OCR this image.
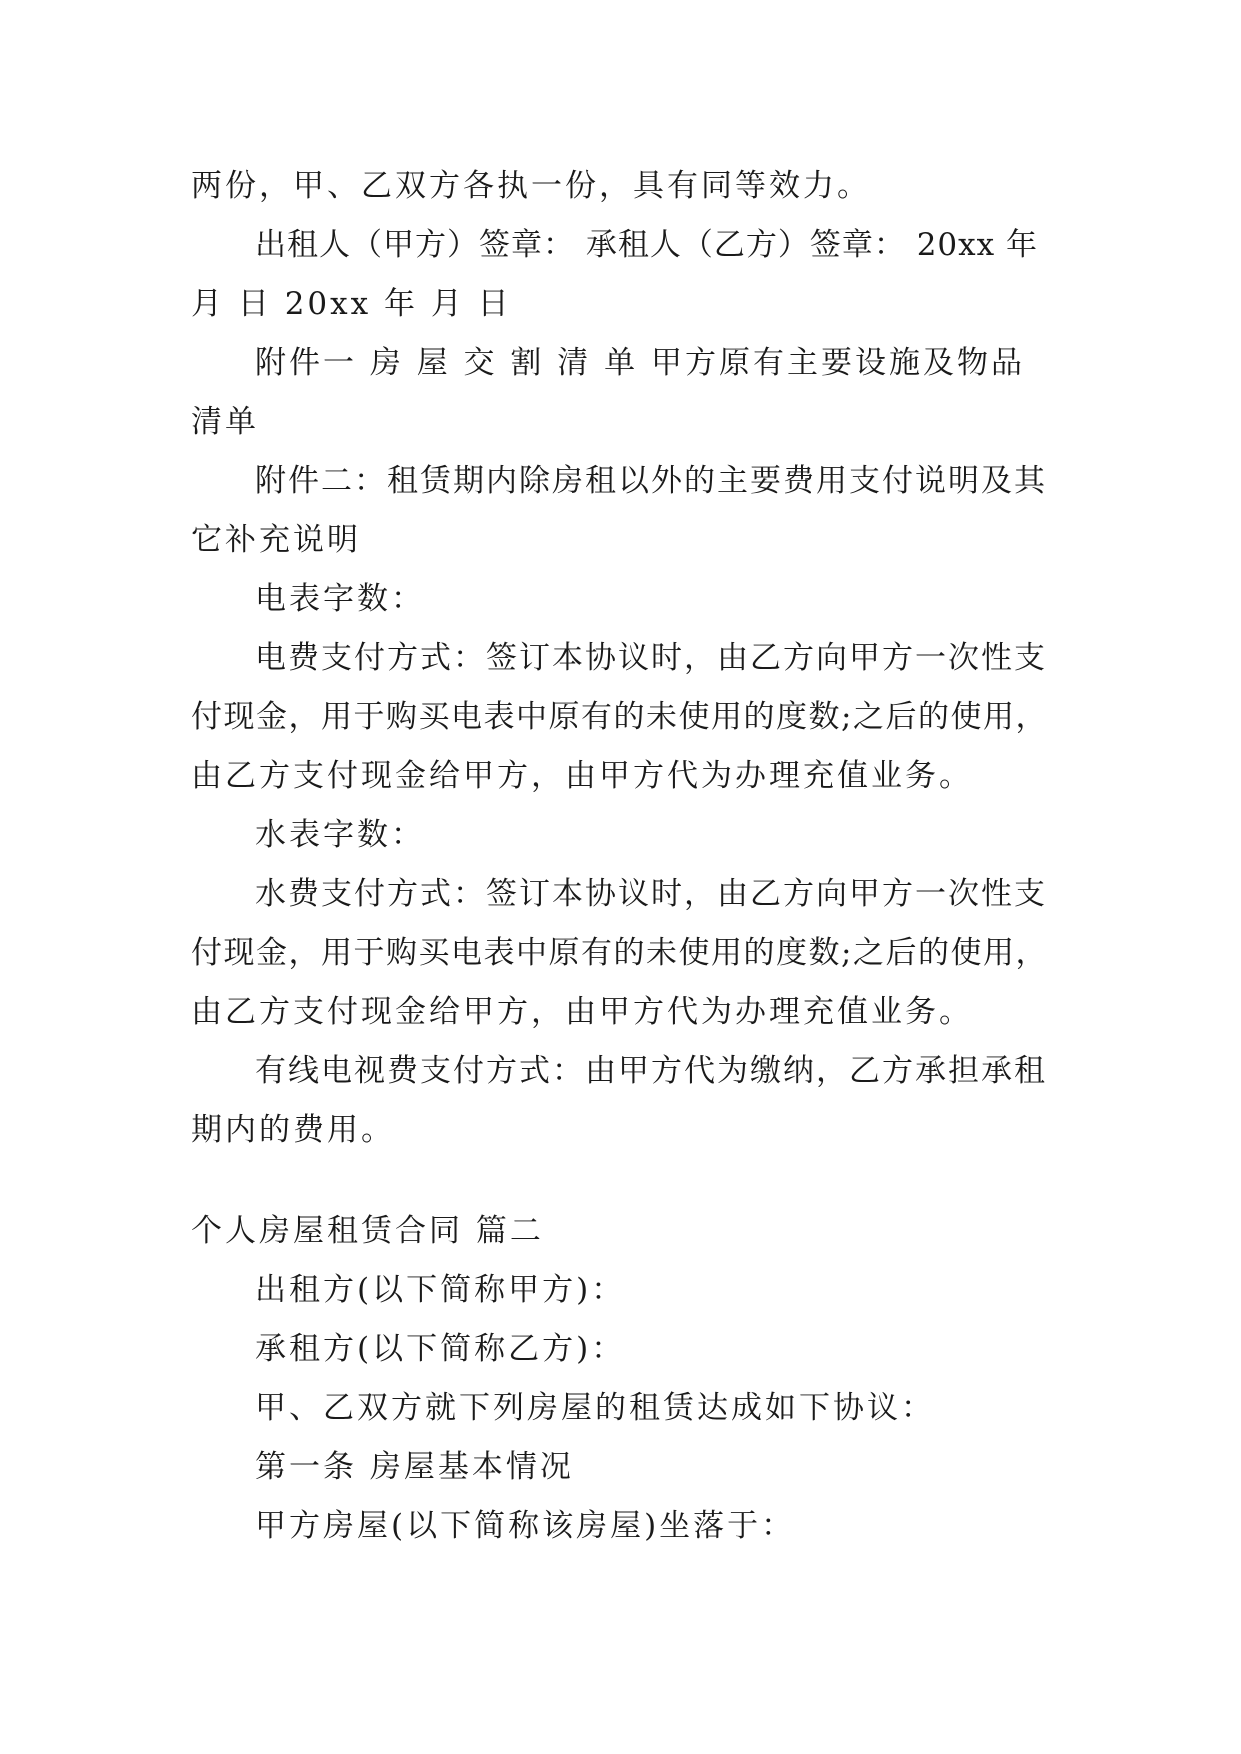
两份，甲、乙双方各执一份，具有同等效力。
出租人（甲方）签章： 承租人（乙方）签章： 20xx 年
月 日 20xx 年 月 日
附件一 房 屋 交 割 清 单 甲方原有主要设施及物品
清单
附件二：租赁期内除房租以外的主要费用支付说明及其
它补充说明
电表字数：
电费支付方式：签订本协议时，由乙方向甲方一次性支
付现金，用于购买电表中原有的未使用的度数;之后的使用，
由乙方支付现金给甲方，由甲方代为办理充值业务。
水表字数：
水费支付方式：签订本协议时，由乙方向甲方一次性支
付现金，用于购买电表中原有的未使用的度数;之后的使用，
由乙方支付现金给甲方，由甲方代为办理充值业务。
有线电视费支付方式：由甲方代为缴纳，乙方承担承租
期内的费用。
个人房屋租赁合同 篇二
出租方(以下简称甲方)：
承租方(以下简称乙方)：
甲、乙双方就下列房屋的租赁达成如下协议：
第一条 房屋基本情况
甲方房屋(以下简称该房屋)坐落于：
